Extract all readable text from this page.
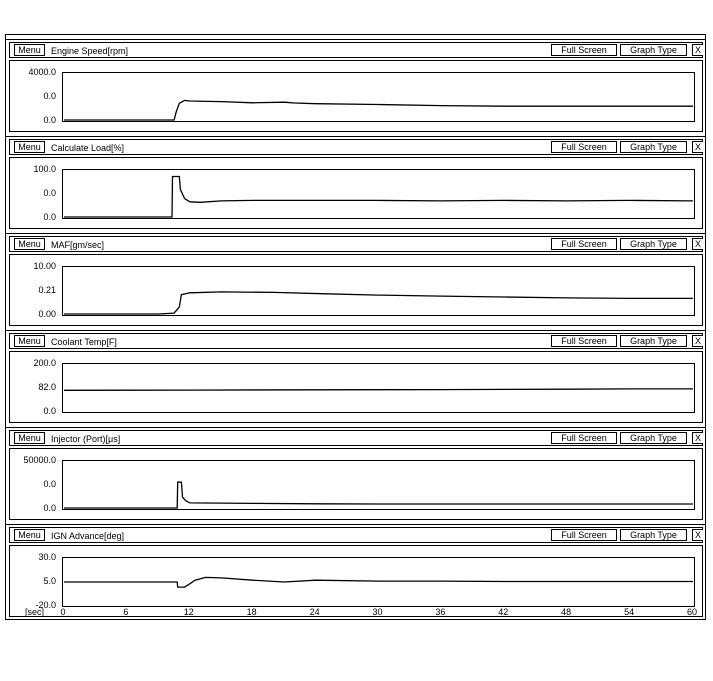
Menu	Engine Speed[rpm]	Full Screen	Graph Type	X
4000.0
0.0
0.0
Menu	Calculate Load[%]	Full Screen	Graph Type	X
100.0
0.0
0.0
Menu	MAF[gm/sec]	Full Screen	Graph Type	X
10.00
0.21
0.00
Menu	Coolant Temp[F]	Full Screen	Graph Type	X
200.0
82.0
0.0
Menu	Injector (Port)[μs]	Full Screen	Graph Type	X
50000.0
0.0
0.0
Menu	IGN Advance[deg]	Full Screen	Graph Type	X
30.0
5.0
-20.0
[sec] 0	6	12	18	24	30	36	42	48	54	60
